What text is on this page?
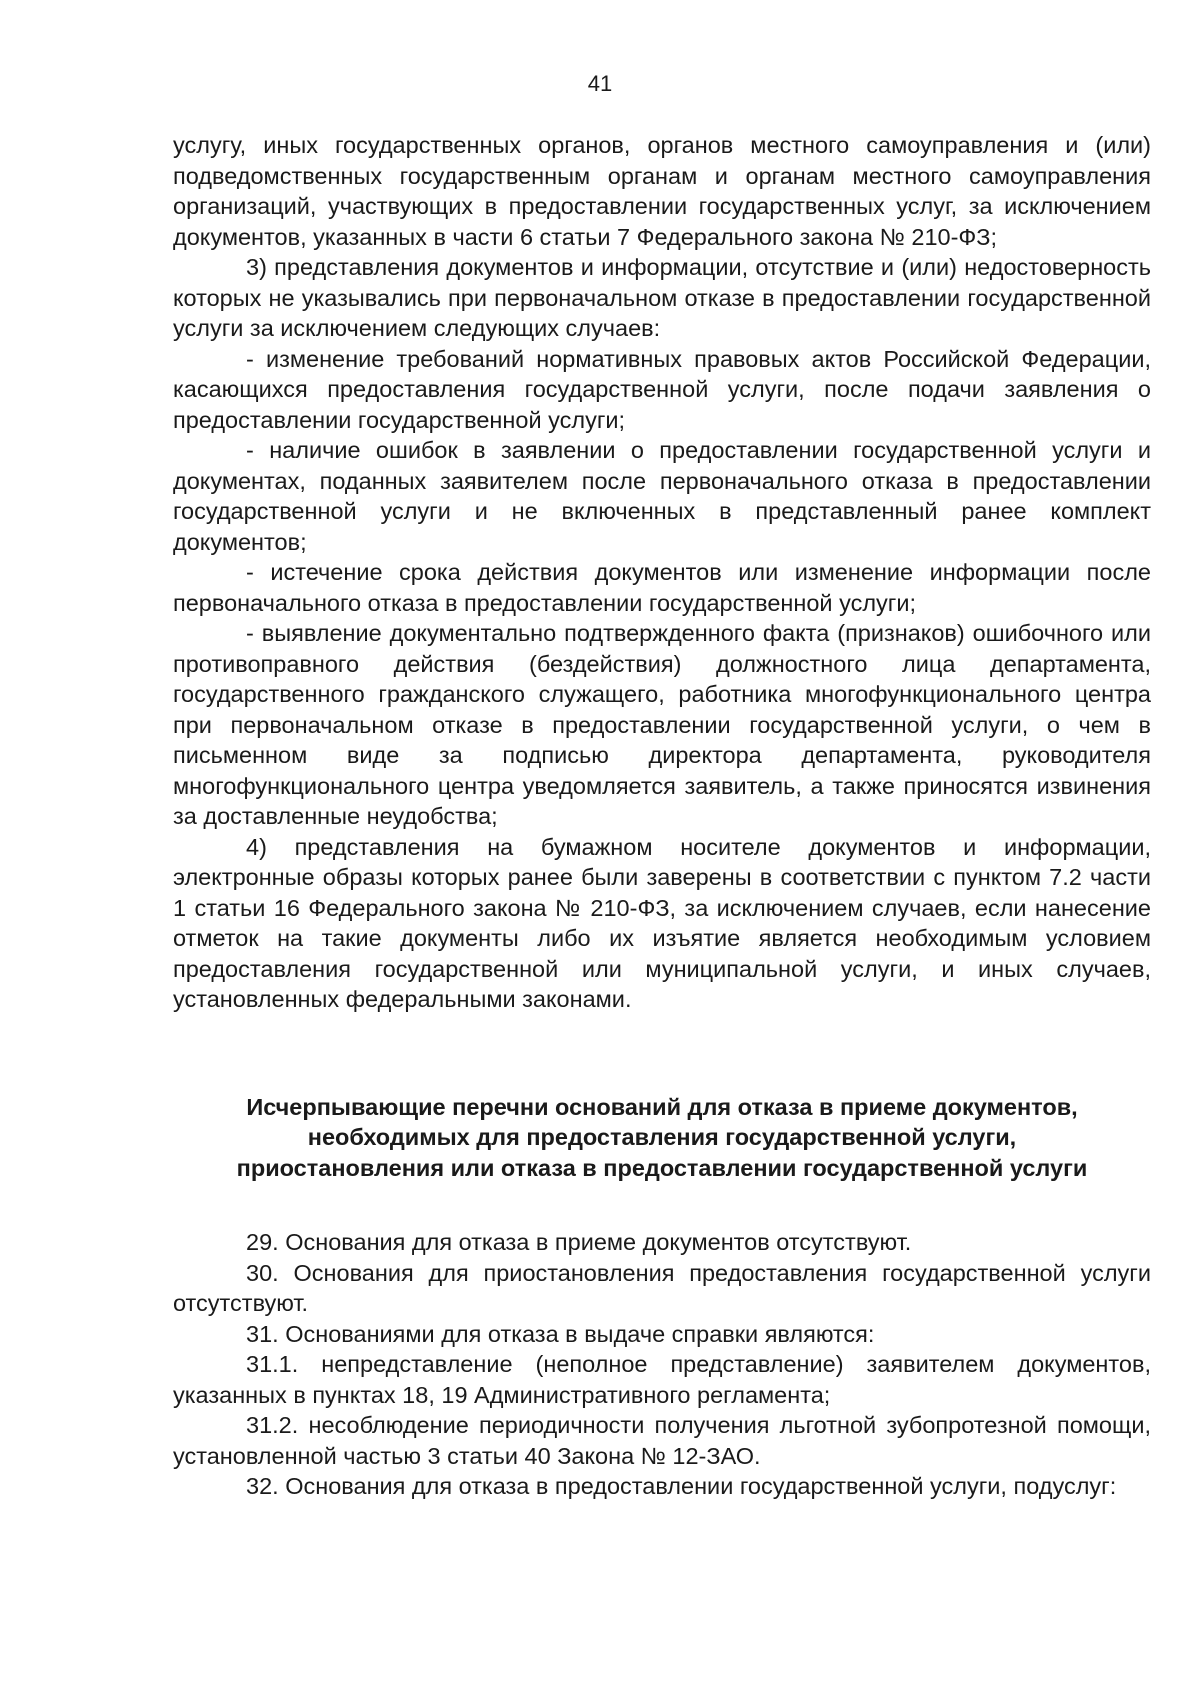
41

услугу, иных государственных органов, органов местного самоуправления и (или) подведомственных государственным органам и органам местного самоуправления организаций, участвующих в предоставлении государственных услуг, за исключением документов, указанных в части 6 статьи 7 Федерального закона № 210-ФЗ;

3) представления документов и информации, отсутствие и (или) недостоверность которых не указывались при первоначальном отказе в предоставлении государственной услуги за исключением следующих случаев:

- изменение требований нормативных правовых актов Российской Федерации, касающихся предоставления государственной услуги, после подачи заявления о предоставлении государственной услуги;

- наличие ошибок в заявлении о предоставлении государственной услуги и документах, поданных заявителем после первоначального отказа в предоставлении государственной услуги и не включенных в представленный ранее комплект документов;

- истечение срока действия документов или изменение информации после первоначального отказа в предоставлении государственной услуги;

- выявление документально подтвержденного факта (признаков) ошибочного или противоправного действия (бездействия) должностного лица департамента, государственного гражданского служащего, работника многофункционального центра при первоначальном отказе в предоставлении государственной услуги, о чем в письменном виде за подписью директора департамента, руководителя многофункционального центра уведомляется заявитель, а также приносятся извинения за доставленные неудобства;

4) представления на бумажном носителе документов и информации, электронные образы которых ранее были заверены в соответствии с пунктом 7.2 части 1 статьи 16 Федерального закона № 210-ФЗ, за исключением случаев, если нанесение отметок на такие документы либо их изъятие является необходимым условием предоставления государственной или муниципальной услуги, и иных случаев, установленных федеральными законами.

Исчерпывающие перечни оснований для отказа в приеме документов, необходимых для предоставления государственной услуги, приостановления или отказа в предоставлении государственной услуги

29. Основания для отказа в приеме документов отсутствуют.

30. Основания для приостановления предоставления государственной услуги отсутствуют.

31. Основаниями для отказа в выдаче справки являются:

31.1. непредставление (неполное представление) заявителем документов, указанных в пунктах 18, 19 Административного регламента;

31.2. несоблюдение периодичности получения льготной зубопротезной помощи, установленной частью 3 статьи 40 Закона № 12-ЗАО.

32. Основания для отказа в предоставлении государственной услуги, подуслуг:
